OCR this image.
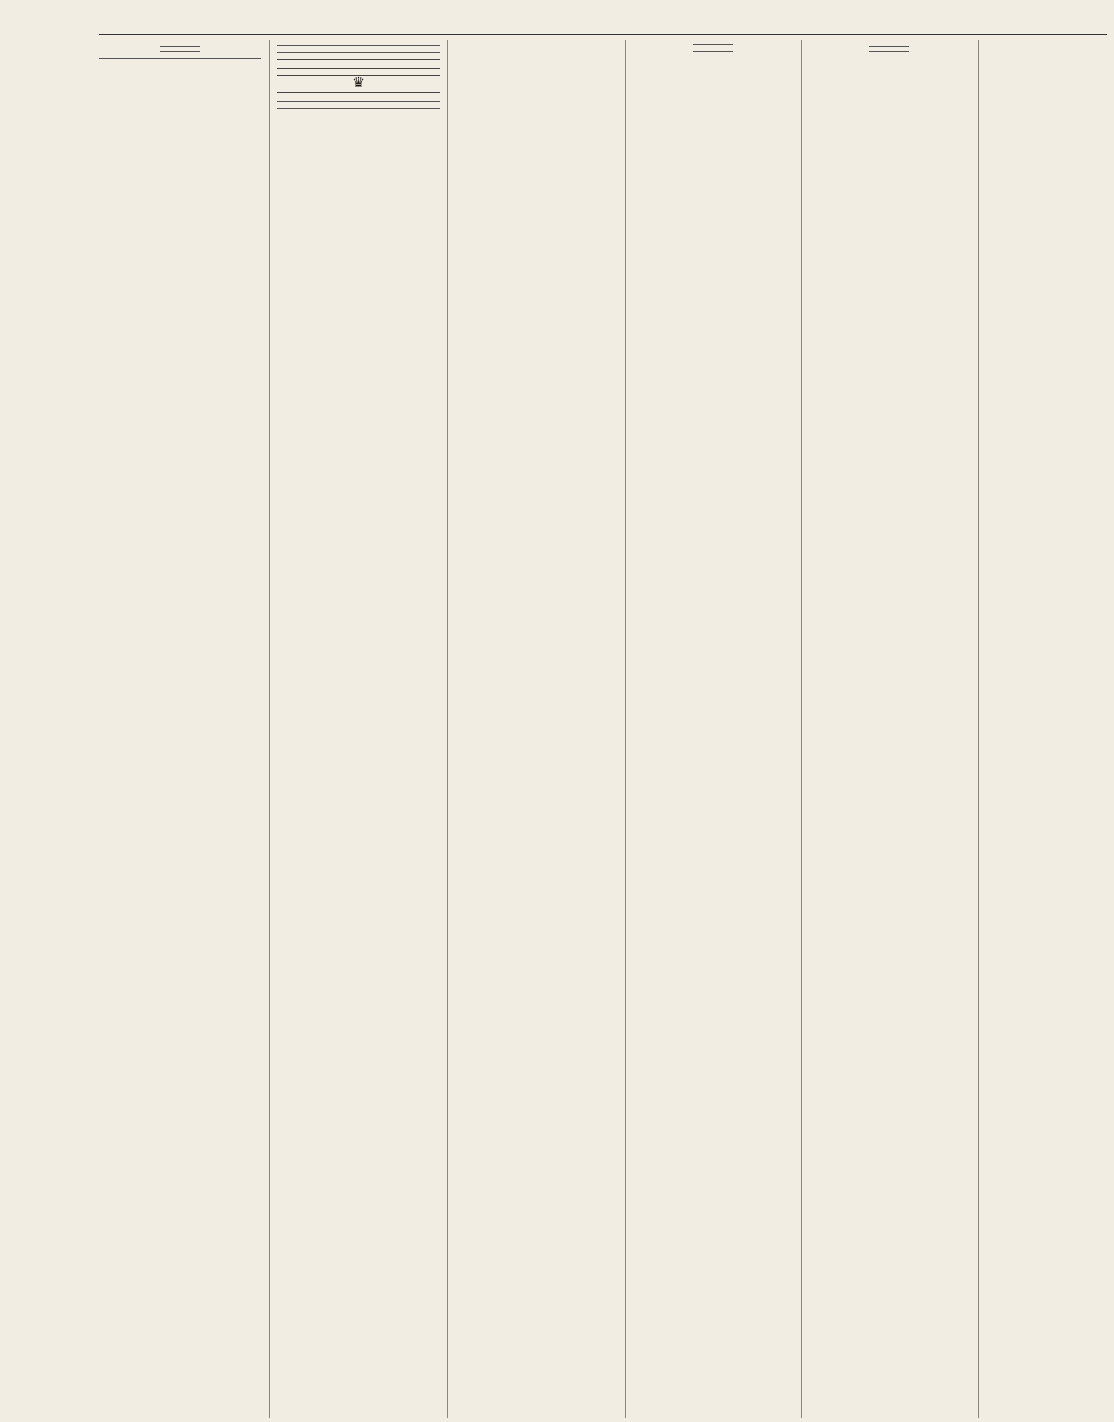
♛
